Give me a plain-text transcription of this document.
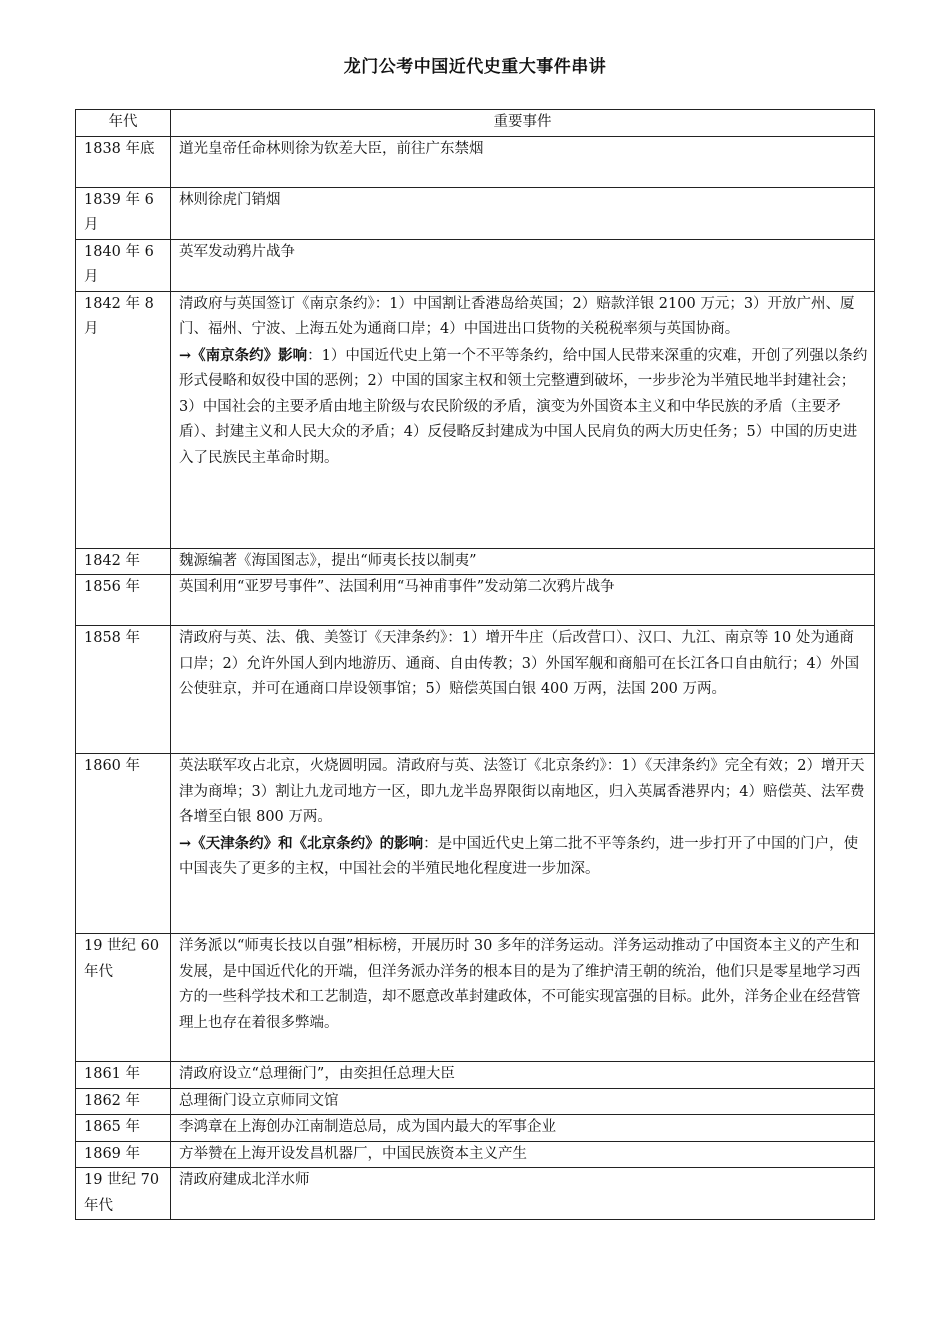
龙门公考中国近代史重大事件串讲
年代	重要事件
1838 年底	道光皇帝任命林则徐为钦差大臣，前往广东禁烟
1839 年 6 月	林则徐虎门销烟
1840 年 6 月	英军发动鸦片战争
1842 年 8 月	清政府与英国签订《南京条约》：1）中国割让香港岛给英国；2）赔款洋银 2100 万元；3）开放广州、厦门、福州、宁波、上海五处为通商口岸；4）中国进出口货物的关税税率须与英国协商。

→《南京条约》影响：1）中国近代史上第一个不平等条约，给中国人民带来深重的灾难，开创了列强以条约形式侵略和奴役中国的恶例；2）中国的国家主权和领土完整遭到破坏，一步步沦为半殖民地半封建社会；3）中国社会的主要矛盾由地主阶级与农民阶级的矛盾，演变为外国资本主义和中华民族的矛盾（主要矛盾）、封建主义和人民大众的矛盾；4）反侵略反封建成为中国人民肩负的两大历史任务；5）中国的历史进入了民族民主革命时期。

1842 年	魏源编著《海国图志》，提出“师夷长技以制夷”
1856 年	英国利用“亚罗号事件”、法国利用“马神甫事件”发动第二次鸦片战争
1858 年	清政府与英、法、俄、美签订《天津条约》：1）增开牛庄（后改营口）、汉口、九江、南京等 10 处为通商口岸；2）允许外国人到内地游历、通商、自由传教；3）外国军舰和商船可在长江各口自由航行；4）外国公使驻京，并可在通商口岸设领事馆；5）赔偿英国白银 400 万两，法国 200 万两。
1860 年	英法联军攻占北京，火烧圆明园。清政府与英、法签订《北京条约》：1）《天津条约》完全有效；2）增开天津为商埠；3）割让九龙司地方一区，即九龙半岛界限街以南地区，归入英属香港界内；4）赔偿英、法军费各增至白银 800 万两。

→《天津条约》和《北京条约》的影响：是中国近代史上第二批不平等条约，进一步打开了中国的门户，使中国丧失了更多的主权，中国社会的半殖民地化程度进一步加深。

19 世纪 60 年代	洋务派以“师夷长技以自强”相标榜，开展历时 30 多年的洋务运动。洋务运动推动了中国资本主义的产生和发展，是中国近代化的开端，但洋务派办洋务的根本目的是为了维护清王朝的统治，他们只是零星地学习西方的一些科学技术和工艺制造，却不愿意改革封建政体，不可能实现富强的目标。此外，洋务企业在经营管理上也存在着很多弊端。
1861 年	清政府设立“总理衙门”，由奕担任总理大臣
1862 年	总理衙门设立京师同文馆
1865 年	李鸿章在上海创办江南制造总局，成为国内最大的军事企业
1869 年	方举赞在上海开设发昌机器厂，中国民族资本主义产生
19 世纪 70 年代	清政府建成北洋水师
